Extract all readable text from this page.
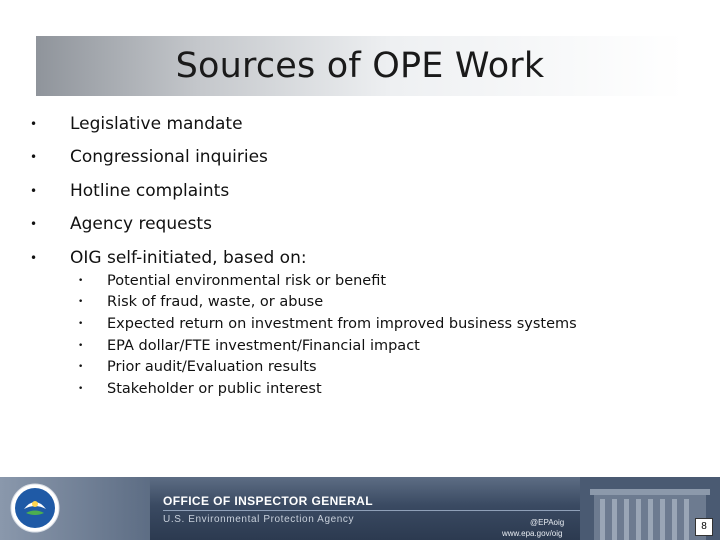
Sources of OPE Work
• Legislative mandate
• Congressional inquiries
• Hotline complaints
• Agency requests
• OIG self-initiated, based on:
• Potential environmental risk or benefit
• Risk of fraud, waste, or abuse
• Expected return on investment from improved business systems
• EPA dollar/FTE investment/Financial impact
• Prior audit/Evaluation results
• Stakeholder or public interest
OFFICE OF INSPECTOR GENERAL
U.S. Environmental Protection Agency	@EPAoig
www.epa.gov/oig
8
